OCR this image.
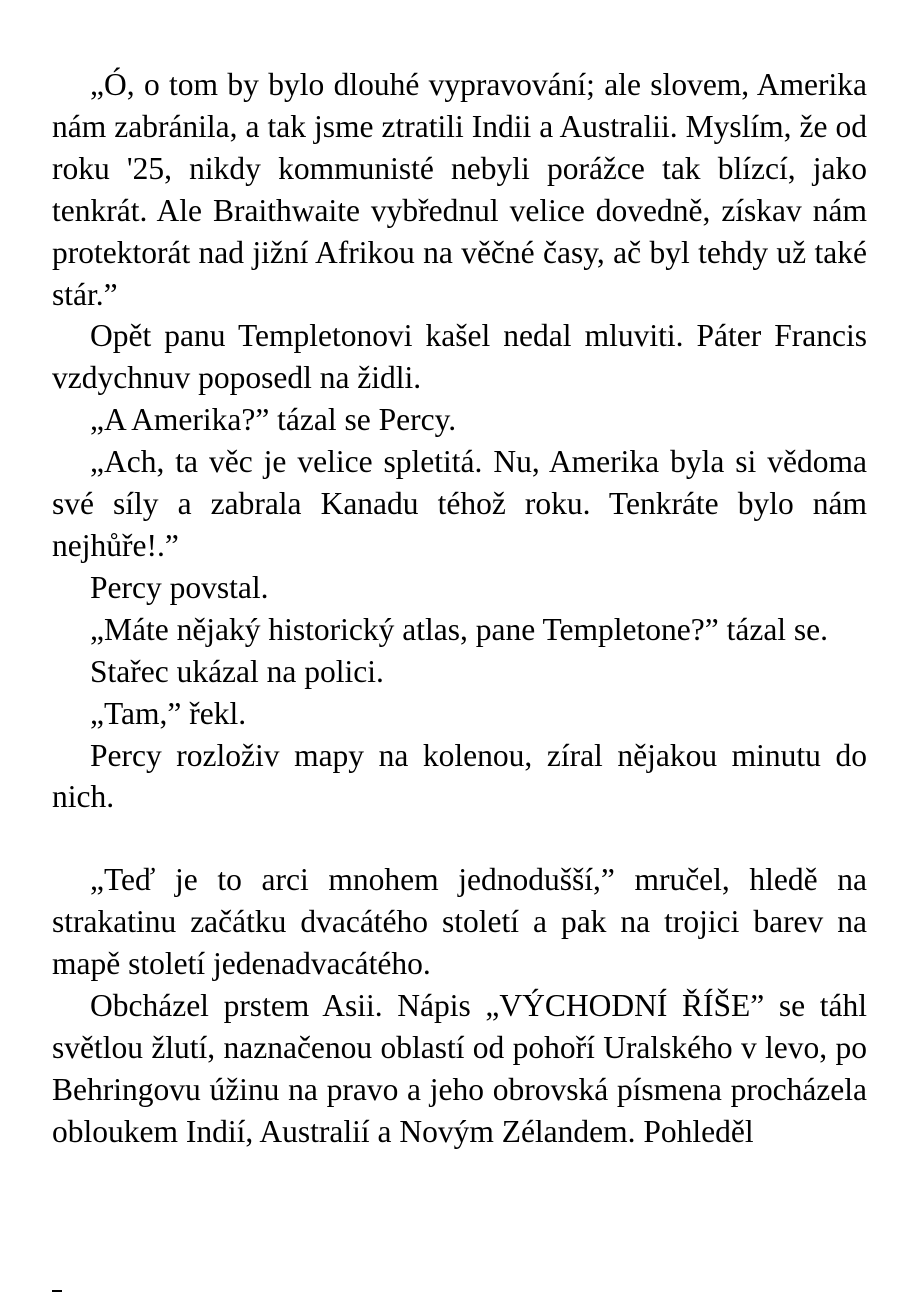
„Ó, o tom by bylo dlouhé vypravování; ale slovem, Amerika nám zabránila, a tak jsme ztratili Indii a Australii. Myslím, že od roku '25, nikdy kommunisté nebyli porážce tak blízcí, jako tenkrát. Ale Braithwaite vybřednul velice dovedně, získav nám protektorát nad jižní Afrikou na věčné časy, ač byl tehdy už také stár.”

Opět panu Templetonovi kašel nedal mluviti. Páter Francis vzdychnuv poposedl na židli.

„A Amerika?” tázal se Percy.

„Ach, ta věc je velice spletitá. Nu, Amerika byla si vědoma své síly a zabrala Kanadu téhož roku. Tenkráte bylo nám nejhůře!.”

Percy povstal.

„Máte nějaký historický atlas, pane Templetone?” tázal se.

Stařec ukázal na polici.

„Tam,” řekl.

Percy rozloživ mapy na kolenou, zíral nějakou minutu do nich.

„Teď je to arci mnohem jednodušší,” mručel, hledě na strakatinu začátku dvacátého století a pak na trojici barev na mapě století jedenadvacátého.

Obcházel prstem Asii. Nápis „VÝCHODNÍ ŘÍŠE” se táhl světlou žlutí, naznačenou oblastí od pohoří Uralského v levo, po Behringovu úžinu na pravo a jeho obrovská písmena procházela obloukem Indií, Australií a Novým Zélandem. Pohleděl
